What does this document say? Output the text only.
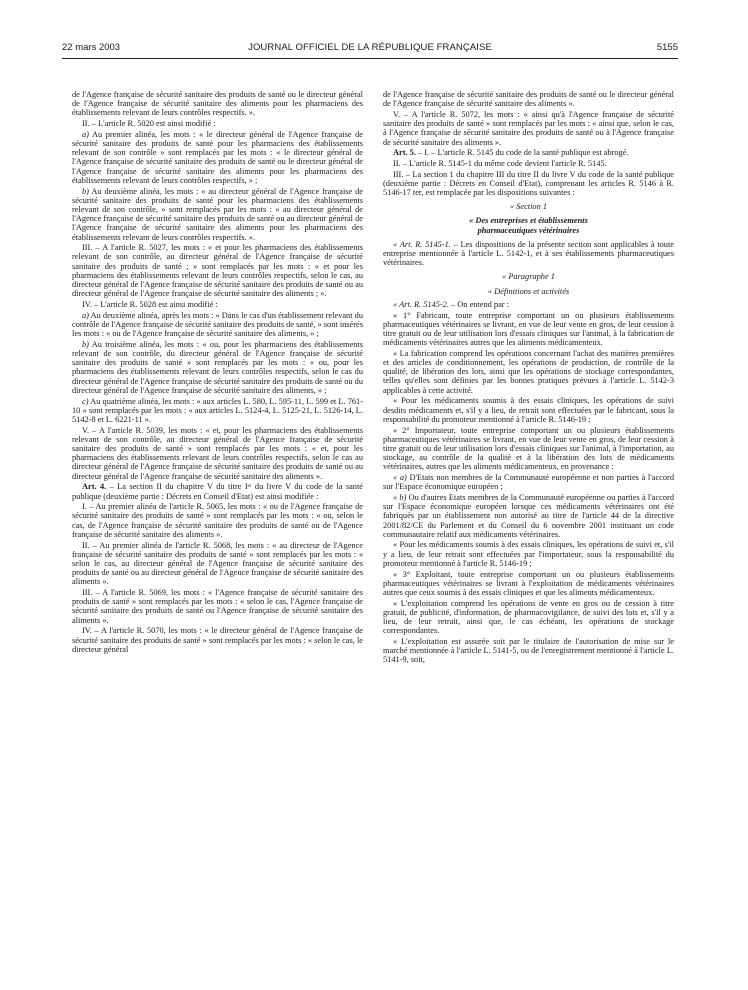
22 mars 2003	JOURNAL OFFICIEL DE LA RÉPUBLIQUE FRANÇAISE	5155

de l'Agence française de sécurité sanitaire des produits de santé ou le directeur général de l'Agence française de sécurité sanitaire des aliments pour les pharmaciens des établissements relevant de leurs contrôles respectifs. ».

II. – L'article R. 5020 est ainsi modifié :

a) Au premier alinéa, les mots : « le directeur général de l'Agence française de sécurité sanitaire des produits de santé pour les pharmaciens des établissements relevant de son contrôle » sont remplacés par les mots : « le directeur général de l'Agence française de sécurité sanitaire des produits de santé ou le directeur général de l'Agence française de sécurité sanitaire des aliments pour les pharmaciens des établissements relevant de leurs contrôles respectifs, » ;

b) Au deuxième alinéa, les mots : « au directeur général de l'Agence française de sécurité sanitaire des produits de santé pour les pharmaciens des établissements relevant de son contrôle, » sont remplacés par les mots : « au directeur général de l'Agence française de sécurité sanitaire des produits de santé ou au directeur général de l'Agence française de sécurité sanitaire des aliments pour les pharmaciens des établissements relevant de leurs contrôles respectifs. ».

III. – A l'article R. 5027, les mots : « et pour les pharmaciens des établissements relevant de son contrôle, au directeur général de l'Agence française de sécurité sanitaire des produits de santé ; » sont remplacés par les mots : « et pour les pharmaciens des établissements relevant de leurs contrôles respectifs, selon le cas, au directeur général de l'Agence française de sécurité sanitaire des produits de santé ou au directeur général de l'Agence française de sécurité sanitaire des aliments ; ».

IV. – L'article R. 5028 est ainsi modifié :

a) Au deuxième alinéa, après les mots : « Dans le cas d'un établissement relevant du contrôle de l'Agence française de sécurité sanitaire des produits de santé, » sont insérés les mots : « ou de l'Agence française de sécurité sanitaire des aliments, » ;

b) Au troisième alinéa, les mots : « ou, pour les pharmaciens des établissements relevant de son contrôle, du directeur général de l'Agence française de sécurité sanitaire des produits de santé » sont remplacés par les mots : « ou, pour les pharmaciens des établissements relevant de leurs contrôles respectifs, selon le cas du directeur général de l'Agence française de sécurité sanitaire des produits de santé ou du directeur général de l'Agence française de sécurité sanitaire des aliments, » ;

c) Au quatrième alinéa, les mots : « aux articles L. 580, L. 595-11, L. 599 et L. 761-10 » sont remplacés par les mots : « aux articles L. 5124-4, L. 5125-21, L. 5126-14, L. 5142-8 et L. 6221-11 ».

V. – A l'article R. 5039, les mots : « et, pour les pharmaciens des établissements relevant de son contrôle, au directeur général de l'Agence française de sécurité sanitaire des produits de santé » sont remplacés par les mots : « et, pour les pharmaciens des établissements relevant de leurs contrôles respectifs, selon le cas au directeur général de l'Agence française de sécurité sanitaire des produits de santé ou au directeur général de l'Agence française de sécurité sanitaire des aliments ».

Art. 4. – La section II du chapitre V du titre Iᵉʳ du livre V du code de la santé publique (deuxième partie : Décrets en Conseil d'Etat) est ainsi modifiée :

I. – Au premier alinéa de l'article R. 5065, les mots : « ou de l'Agence française de sécurité sanitaire des produits de santé » sont remplacés par les mots : « ou, selon le cas, de l'Agence française de sécurité sanitaire des produits de santé ou de l'Agence française de sécurité sanitaire des aliments ».

II. – Au premier alinéa de l'article R. 5068, les mots : « au directeur de l'Agence française de sécurité sanitaire des produits de santé » sont remplacés par les mots : « selon le cas, au directeur général de l'Agence française de sécurité sanitaire des produits de santé ou au directeur général de l'Agence française de sécurité sanitaire des aliments ».

III. – A l'article R. 5069, les mots : « l'Agence française de sécurité sanitaire des produits de santé » sont remplacés par les mots : « selon le cas, l'Agence française de sécurité sanitaire des produits de santé ou l'Agence française de sécurité sanitaire des aliments ».

IV. – A l'article R. 5070, les mots : « le directeur général de l'Agence française de sécurité sanitaire des produits de santé » sont remplacés par les mots : « selon le cas, le directeur général

de l'Agence française de sécurité sanitaire des produits de santé ou le directeur général de l'Agence française de sécurité sanitaire des aliments ».

V. – A l'article R. 5072, les mots : « ainsi qu'à l'Agence française de sécurité sanitaire des produits de santé » sont remplacés par les mots : « ainsi que, selon le cas, à l'Agence française de sécurité sanitaire des produits de santé ou à l'Agence française de sécurité sanitaire des aliments ».

Art. 5. – I. – L'article R. 5145 du code de la santé publique est abrogé.

II. – L'article R. 5145-1 du même code devient l'article R. 5145.

III. – La section 1 du chapitre III du titre II du livre V du code de la santé publique (deuxième partie : Décrets en Conseil d'Etat), comprenant les articles R. 5146 à R. 5146-17 ter, est remplacée par les dispositions suivantes :

« Section 1

« Des entreprises et établissements
pharmaceutiques vétérinaires

« Art. R. 5145-1. – Les dispositions de la présente section sont applicables à toute entreprise mentionnée à l'article L. 5142-1, et à ses établissements pharmaceutiques vétérinaires.

« Paragraphe 1

« Définitions et activités

« Art. R. 5145-2. – On entend par :

« 1° Fabricant, toute entreprise comportant un ou plusieurs établissements pharmaceutiques vétérinaires se livrant, en vue de leur vente en gros, de leur cession à titre gratuit ou de leur utilisation lors d'essais cliniques sur l'animal, à la fabrication de médicaments vétérinaires autres que les aliments médicamenteux.

« La fabrication comprend les opérations concernant l'achat des matières premières et des articles de conditionnement, les opérations de production, de contrôle de la qualité, de libération des lots, ainsi que les opérations de stockage correspondantes, telles qu'elles sont définies par les bonnes pratiques prévues à l'article L. 5142-3 applicables à cette activité.

« Pour les médicaments soumis à des essais cliniques, les opérations de suivi desdits médicaments et, s'il y a lieu, de retrait sont effectuées par le fabricant, sous la responsabilité du promoteur mentionné à l'article R. 5146-19 ;

« 2° Importateur, toute entreprise comportant un ou plusieurs établissements pharmaceutiques vétérinaires se livrant, en vue de leur vente en gros, de leur cession à titre gratuit ou de leur utilisation lors d'essais cliniques sur l'animal, à l'importation, au stockage, au contrôle de la qualité et à la libération des lots de médicaments vétérinaires, autres que les aliments médicamenteux, en provenance :

« a) D'Etats non membres de la Communauté européenne et non parties à l'accord sur l'Espace économique européen ;

« b) Ou d'autres Etats membres de la Communauté européenne ou parties à l'accord sur l'Espace économique européen lorsque ces médicaments vétérinaires ont été fabriqués par un établissement non autorisé au titre de l'article 44 de la directive 2001/82/CE du Parlement et du Conseil du 6 novembre 2001 instituant un code communautaire relatif aux médicaments vétérinaires.

« Pour les médicaments soumis à des essais cliniques, les opérations de suivi et, s'il y a lieu, de leur retrait sont effectuées par l'importateur, sous la responsabilité du promoteur mentionné à l'article R. 5146-19 ;

« 3° Exploitant, toute entreprise comportant un ou plusieurs établissements pharmaceutiques vétérinaires se livrant à l'exploitation de médicaments vétérinaires autres que ceux soumis à des essais cliniques et que les aliments médicamenteux.

« L'exploitation comprend les opérations de vente en gros ou de cession à titre gratuit, de publicité, d'information, de pharmacovigilance, de suivi des lots et, s'il y a lieu, de leur retrait, ainsi que, le cas échéant, les opérations de stockage correspondantes.

« L'exploitation est assurée soit par le titulaire de l'autorisation de mise sur le marché mentionnée à l'article L. 5141-5, ou de l'enregistrement mentionné à l'article L. 5141-9, soit,
